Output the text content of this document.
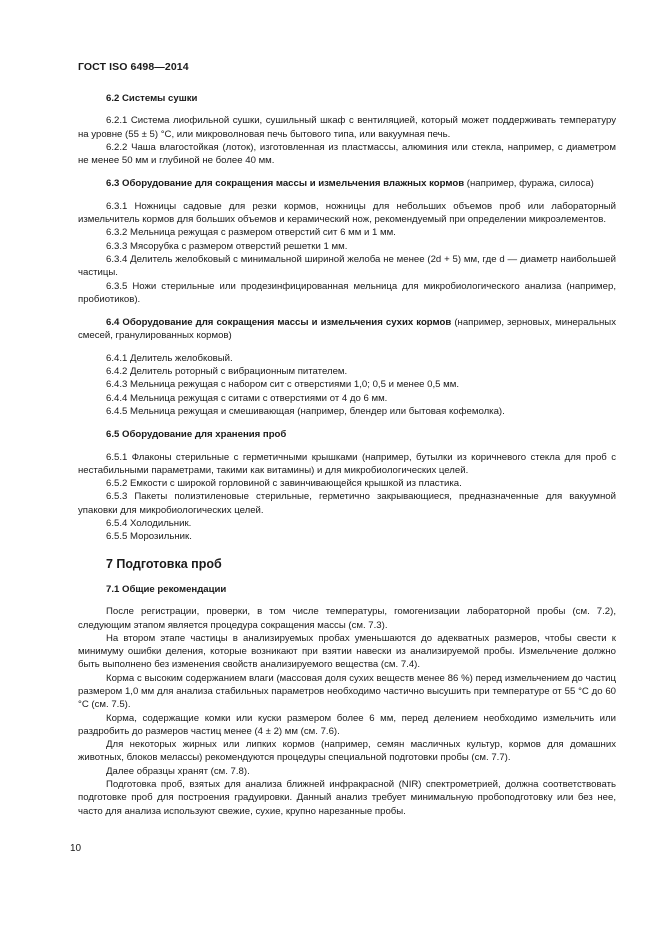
ГОСТ ISO 6498—2014

6.2 Системы сушки

6.2.1 Система лиофильной сушки, сушильный шкаф с вентиляцией, который может поддерживать температуру на уровне (55 ± 5) °С, или микроволновая печь бытового типа, или вакуумная печь.

6.2.2 Чаша влагостойкая (лоток), изготовленная из пластмассы, алюминия или стекла, например, с диаметром не менее 50 мм и глубиной не более 40 мм.

6.3 Оборудование для сокращения массы и измельчения влажных кормов (например, фуража, силоса)

6.3.1 Ножницы садовые для резки кормов, ножницы для небольших объемов проб или лабораторный измельчитель кормов для больших объемов и керамический нож, рекомендуемый при определении микроэлементов.

6.3.2 Мельница режущая с размером отверстий сит 6 мм и 1 мм.

6.3.3 Мясорубка с размером отверстий решетки 1 мм.

6.3.4 Делитель желобковый с минимальной шириной желоба не менее (2d + 5) мм, где d — диаметр наибольшей частицы.

6.3.5 Ножи стерильные или продезинфицированная мельница для микробиологического анализа (например, пробиотиков).

6.4 Оборудование для сокращения массы и измельчения сухих кормов (например, зерновых, минеральных смесей, гранулированных кормов)

6.4.1 Делитель желобковый.

6.4.2 Делитель роторный с вибрационным питателем.

6.4.3 Мельница режущая с набором сит с отверстиями 1,0; 0,5 и менее 0,5 мм.

6.4.4 Мельница режущая с ситами с отверстиями от 4 до 6 мм.

6.4.5 Мельница режущая и смешивающая (например, блендер или бытовая кофемолка).

6.5 Оборудование для хранения проб

6.5.1 Флаконы стерильные с герметичными крышками (например, бутылки из коричневого стекла для проб с нестабильными параметрами, такими как витамины) и для микробиологических целей.

6.5.2 Емкости с широкой горловиной с завинчивающейся крышкой из пластика.

6.5.3 Пакеты полиэтиленовые стерильные, герметично закрывающиеся, предназначенные для вакуумной упаковки для микробиологических целей.

6.5.4 Холодильник.

6.5.5 Морозильник.

7 Подготовка проб

7.1 Общие рекомендации

После регистрации, проверки, в том числе температуры, гомогенизации лабораторной пробы (см. 7.2), следующим этапом является процедура сокращения массы (см. 7.3).

На втором этапе частицы в анализируемых пробах уменьшаются до адекватных размеров, чтобы свести к минимуму ошибки деления, которые возникают при взятии навески из анализируемой пробы. Измельчение должно быть выполнено без изменения свойств анализируемого вещества (см. 7.4).

Корма с высоким содержанием влаги (массовая доля сухих веществ менее 86 %) перед измельчением до частиц размером 1,0 мм для анализа стабильных параметров необходимо частично высушить при температуре от 55 °С до 60 °С (см. 7.5).

Корма, содержащие комки или куски размером более 6 мм, перед делением необходимо измельчить или раздробить до размеров частиц менее (4 ± 2) мм (см. 7.6).

Для некоторых жирных или липких кормов (например, семян масличных культур, кормов для домашних животных, блоков мелассы) рекомендуются процедуры специальной подготовки пробы (см. 7.7).

Далее образцы хранят (см. 7.8).

Подготовка проб, взятых для анализа ближней инфракрасной (NIR) спектрометрией, должна соответствовать подготовке проб для построения градуировки. Данный анализ требует минимальную пробоподготовку или без нее, часто для анализа используют свежие, сухие, крупно нарезанные пробы.

10
